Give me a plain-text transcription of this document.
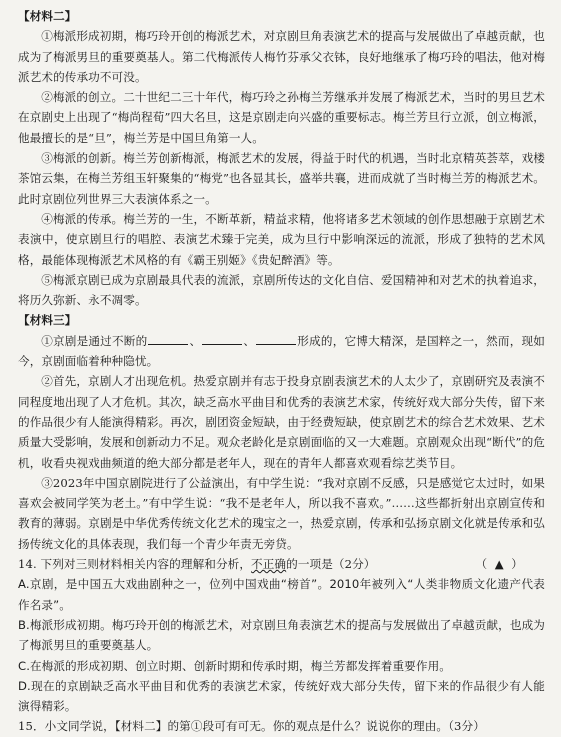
【材料二】

①梅派形成初期，梅巧玲开创的梅派艺术，对京剧旦角表演艺术的提高与发展做出了卓越贡献，也成为了梅派男旦的重要奠基人。第二代梅派传人梅竹芬承父衣钵，良好地继承了梅巧玲的唱法，他对梅派艺术的传承功不可没。

②梅派的创立。二十世纪二三十年代，梅巧玲之孙梅兰芳继承并发展了梅派艺术，当时的男旦艺术在京剧史上出现了“梅尚程荀”四大名旦，这是京剧走向兴盛的重要标志。梅兰芳旦行立派，创立梅派，他最擅长的是“旦”，梅兰芳是中国旦角第一人。

③梅派的创新。梅兰芳创新梅派，梅派艺术的发展，得益于时代的机遇，当时北京精英荟萃，戏楼茶馆云集，在梅兰芳组玉轩聚集的“梅党”也各显其长，盛举共襄，进而成就了当时梅兰芳的梅派艺术。此时京剧位列世界三大表演体系之一。

④梅派的传承。梅兰芳的一生，不断革新，精益求精，他将诸多艺术领域的创作思想融于京剧艺术表演中，使京剧旦行的唱腔、表演艺术臻于完美，成为旦行中影响深远的流派，形成了独特的艺术风格，最能体现梅派艺术风格的有《霸王别姬》《贵妃醉酒》等。

⑤梅派京剧已成为京剧最具代表的流派，京剧所传达的文化自信、爱国精神和对艺术的执着追求，将历久弥新、永不凋零。

【材料三】

①京剧是通过不断的	、	、	形成的，它博大精深，是国粹之一，然而，现如今，京剧面临着种种隐忧。

②首先，京剧人才出现危机。热爱京剧并有志于投身京剧表演艺术的人太少了，京剧研究及表演不同程度地出现了人才危机。其次，缺乏高水平曲目和优秀的表演艺术家，传统好戏大部分失传，留下来的作品很少有人能演得精彩。再次，剧团资金短缺，由于经费短缺，使京剧艺术的综合艺术效果、艺术质量大受影响，发展和创新动力不足。观众老龄化是京剧面临的又一大难题。京剧观众出现“断代”的危机，收看央视戏曲频道的绝大部分都是老年人，现在的青年人都喜欢观看综艺类节目。

③2023年中国京剧院进行了公益演出，有中学生说：“我对京剧不反感，只是感觉它太过时，如果喜欢会被同学笑为老土。”有中学生说：“我不是老年人，所以我不喜欢。”……这些都折射出京剧宣传和教育的薄弱。京剧是中华优秀传统文化艺术的瑰宝之一，热爱京剧，传承和弘扬京剧文化就是传承和弘扬传统文化的具体表现，我们每一个青少年责无旁贷。

14. 下列对三则材料相关内容的理解和分析，不正确的一项是（2分）	（  ▲  ）

A.京剧，是中国五大戏曲剧种之一，位列中国戏曲“榜首”。2010年被列入“人类非物质文化遗产代表作名录”。

B.梅派形成初期。梅巧玲开创的梅派艺术，对京剧旦角表演艺术的提高与发展做出了卓越贡献，也成为了梅派男旦的重要奠基人。

C.在梅派的形成初期、创立时期、创新时期和传承时期，梅兰芳都发挥着重要作用。

D.现在的京剧缺乏高水平曲目和优秀的表演艺术家，传统好戏大部分失传，留下来的作品很少有人能演得精彩。

15．小文同学说，【材料二】的第①段可有可无。你的观点是什么？说说你的理由。（3分）
